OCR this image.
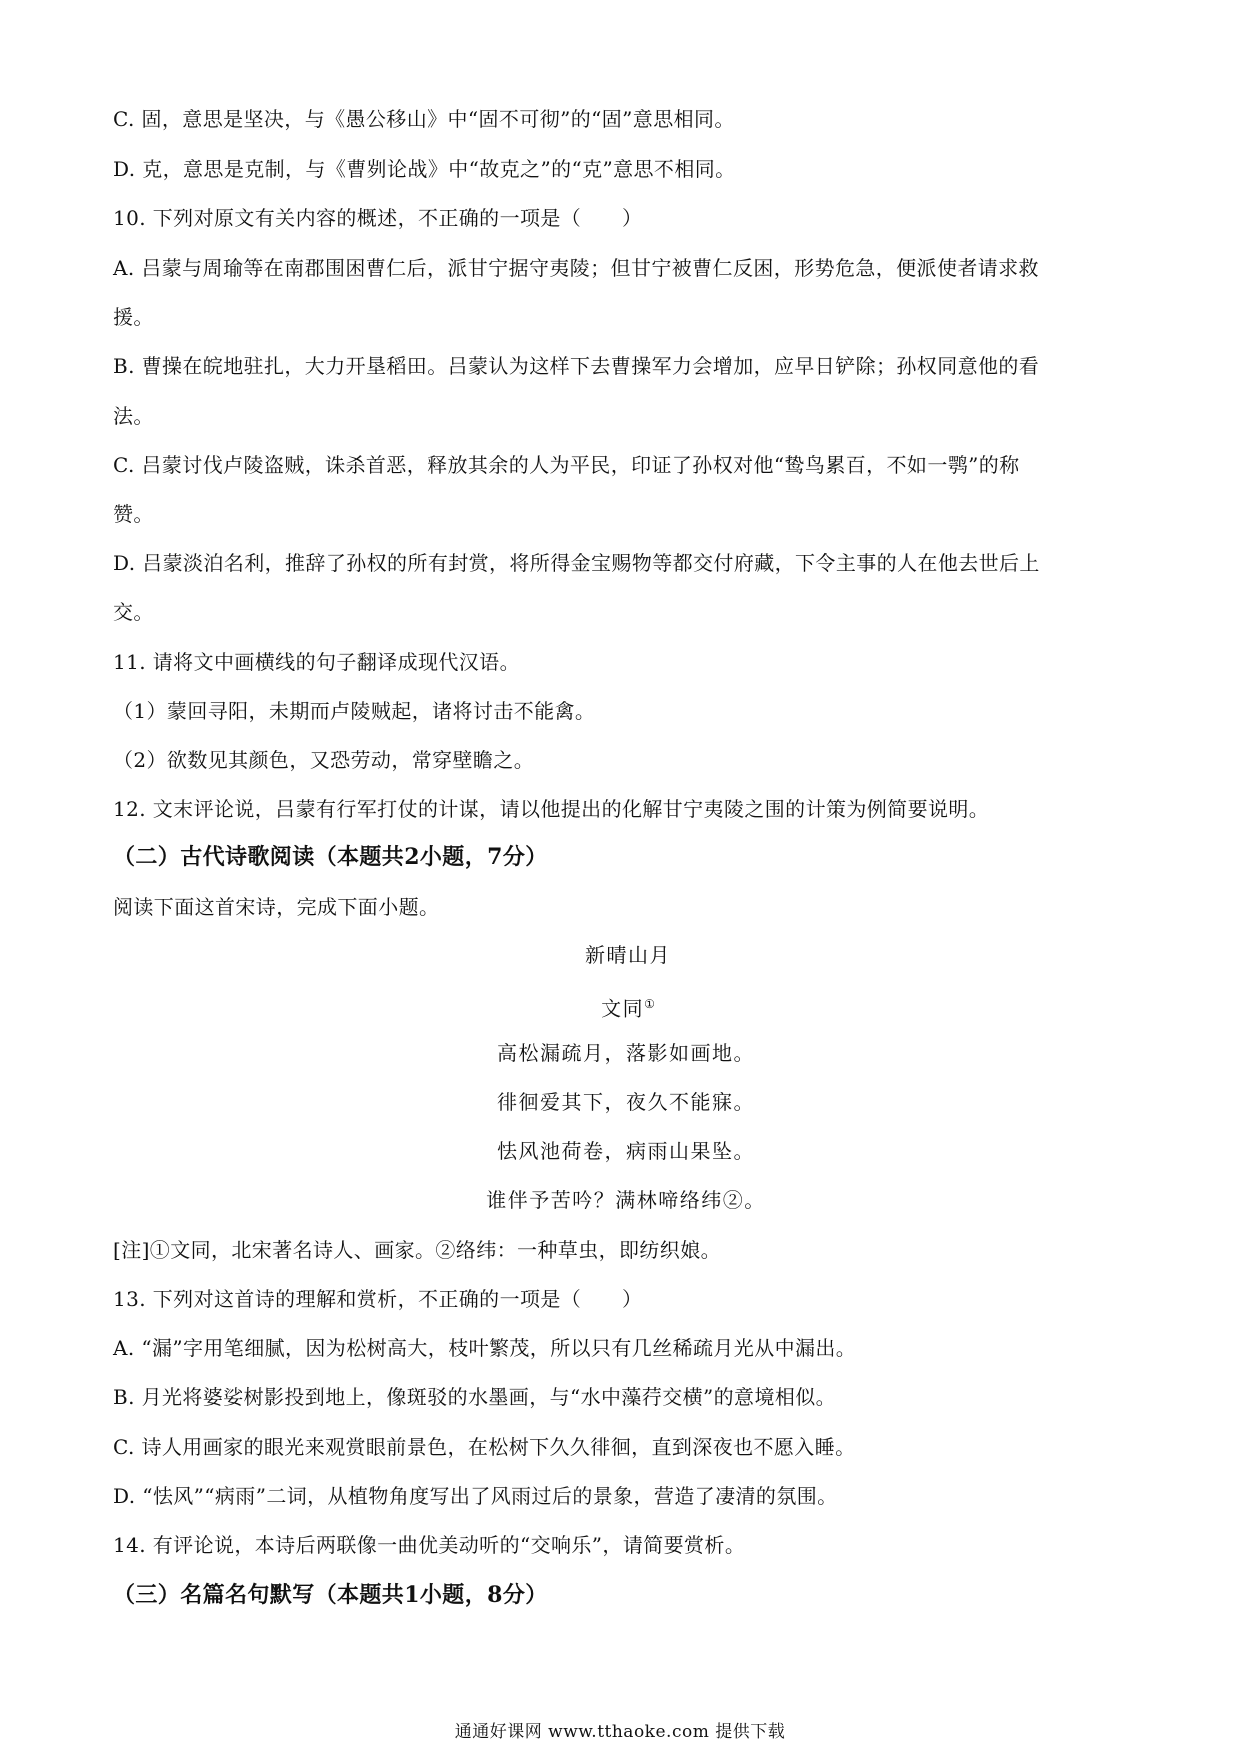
C. 固，意思是坚决，与《愚公移山》中“固不可彻”的“固”意思相同。
D. 克，意思是克制，与《曹刿论战》中“故克之”的“克”意思不相同。
10. 下列对原文有关内容的概述，不正确的一项是（　　）
A. 吕蒙与周瑜等在南郡围困曹仁后，派甘宁据守夷陵；但甘宁被曹仁反困，形势危急，便派使者请求救
援。
B. 曹操在皖地驻扎，大力开垦稻田。吕蒙认为这样下去曹操军力会增加，应早日铲除；孙权同意他的看
法。
C. 吕蒙讨伐卢陵盗贼，诛杀首恶，释放其余的人为平民，印证了孙权对他“鸷鸟累百，不如一鹗”的称
赞。
D. 吕蒙淡泊名利，推辞了孙权的所有封赏，将所得金宝赐物等都交付府藏，下令主事的人在他去世后上
交。
11. 请将文中画横线的句子翻译成现代汉语。
（1）蒙回寻阳，未期而卢陵贼起，诸将讨击不能禽。
（2）欲数见其颜色，又恐劳动，常穿壁瞻之。
12. 文末评论说，吕蒙有行军打仗的计谋，请以他提出的化解甘宁夷陵之围的计策为例简要说明。
（二）古代诗歌阅读（本题共2小题，7分）
阅读下面这首宋诗，完成下面小题。
新晴山月
文同①
高松漏疏月，落影如画地。
徘徊爱其下，夜久不能寐。
怯风池荷卷，病雨山果坠。
谁伴予苦吟？满林啼络纬②。
[注]①文同，北宋著名诗人、画家。②络纬：一种草虫，即纺织娘。
13. 下列对这首诗的理解和赏析，不正确的一项是（　　）
A. “漏”字用笔细腻，因为松树高大，枝叶繁茂，所以只有几丝稀疏月光从中漏出。
B. 月光将婆娑树影投到地上，像斑驳的水墨画，与“水中藻荇交横”的意境相似。
C. 诗人用画家的眼光来观赏眼前景色，在松树下久久徘徊，直到深夜也不愿入睡。
D. “怯风”“病雨”二词，从植物角度写出了风雨过后的景象，营造了凄清的氛围。
14. 有评论说，本诗后两联像一曲优美动听的“交响乐”，请简要赏析。
（三）名篇名句默写（本题共1小题，8分）
通通好课网 www.tthaoke.com 提供下载
